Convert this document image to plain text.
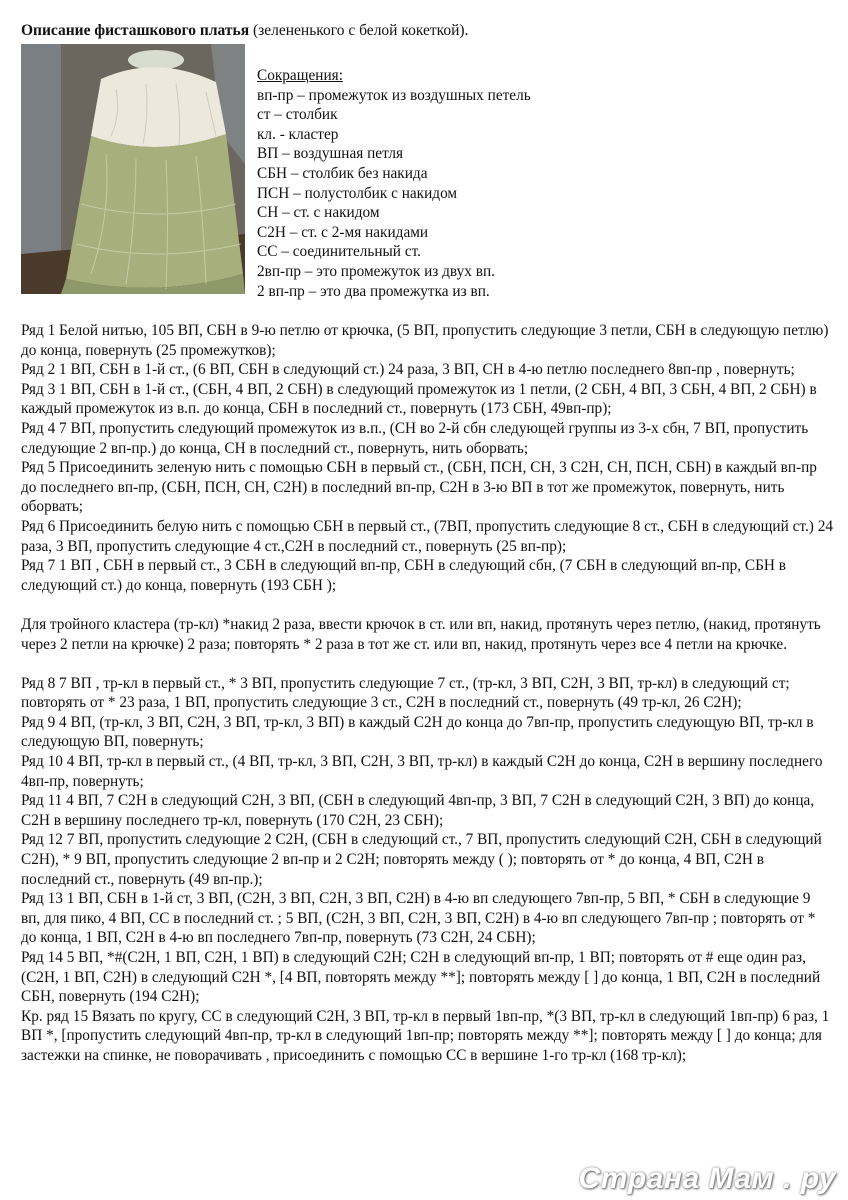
Описание фисташкового платья (зелененького с белой кокеткой).
Сокращения:
вп-пр – промежуток из воздушных петель
ст – столбик
кл. - кластер
ВП – воздушная петля
СБН – столбик без накида
ПСН – полустолбик с накидом
СН – ст. с накидом
С2Н – ст. с 2-мя накидами
СС – соединительный ст.
2вп-пр – это промежуток из двух вп.
2 вп-пр – это два промежутка из вп.

Ряд 1 Белой нитью, 105 ВП, СБН в 9-ю петлю от крючка, (5 ВП, пропустить следующие 3 петли, СБН в следующую петлю) до конца, повернуть (25 промежутков);

Ряд 2 1 ВП, СБН в 1-й ст., (6 ВП, СБН в следующий ст.) 24 раза, 3 ВП, СН в 4-ю петлю последнего 8вп-пр , повернуть;

Ряд 3 1 ВП, СБН в 1-й ст., (СБН, 4 ВП, 2 СБН) в следующий промежуток из 1 петли, (2 СБН, 4 ВП, 3 СБН, 4 ВП, 2 СБН) в каждый промежуток из в.п. до конца, СБН в последний ст., повернуть (173 СБН, 49вп-пр);

Ряд 4 7 ВП, пропустить следующий промежуток из в.п., (СН во 2-й сбн следующей группы из 3-х сбн, 7 ВП, пропустить следующие 2 вп-пр.) до конца, СН в последний ст., повернуть, нить оборвать;

Ряд 5 Присоединить зеленую нить с помощью СБН в первый ст., (СБН, ПСН, СН, 3 С2Н, СН, ПСН, СБН) в каждый вп-пр до последнего вп-пр, (СБН, ПСН, СН, С2Н) в последний вп-пр, С2Н в 3-ю ВП в тот же промежуток, повернуть, нить оборвать;

Ряд 6 Присоединить белую нить с помощью СБН в первый ст., (7ВП, пропустить следующие 8 ст., СБН в следующий ст.) 24 раза, 3 ВП, пропустить следующие 4 ст.,С2Н в последний ст., повернуть (25 вп-пр);

Ряд 7 1 ВП , СБН в первый ст., 3 СБН в следующий вп-пр, СБН в следующий сбн, (7 СБН в следующий вп-пр, СБН в следующий ст.) до конца, повернуть (193 СБН );

Для тройного кластера (тр-кл) *накид 2 раза, ввести крючок в ст. или вп, накид, протянуть через петлю, (накид, протянуть через 2 петли на крючке) 2 раза; повторять * 2 раза в тот же ст. или вп, накид, протянуть через все 4 петли на крючке.

Ряд 8 7 ВП , тр-кл в первый ст., * 3 ВП, пропустить следующие 7 ст., (тр-кл, 3 ВП, С2Н, 3 ВП, тр-кл) в следующий ст; повторять от * 23 раза, 1 ВП, пропустить следующие 3 ст., С2Н в последний ст., повернуть (49 тр-кл, 26 С2Н);

Ряд 9 4 ВП, (тр-кл, 3 ВП, С2Н, 3 ВП, тр-кл, 3 ВП) в каждый С2Н до конца до 7вп-пр, пропустить следующую ВП, тр-кл в следующую ВП, повернуть;

Ряд 10 4 ВП, тр-кл в первый ст., (4 ВП, тр-кл, 3 ВП, С2Н, 3 ВП, тр-кл) в каждый С2Н до конца, С2Н в вершину последнего 4вп-пр, повернуть;

Ряд 11 4 ВП, 7 С2Н в следующий С2Н, 3 ВП, (СБН в следующий 4вп-пр, 3 ВП, 7 С2Н в следующий С2Н, 3 ВП) до конца, С2Н в вершину последнего тр-кл, повернуть (170 С2Н, 23 СБН);

Ряд 12 7 ВП, пропустить следующие 2 С2Н, (СБН в следующий ст., 7 ВП, пропустить следующий С2Н, СБН в следующий С2Н), * 9 ВП, пропустить следующие 2 вп-пр и 2 С2Н; повторять между ( ); повторять от * до конца, 4 ВП, С2Н в последний ст., повернуть (49 вп-пр.);

Ряд 13 1 ВП, СБН в 1-й ст, 3 ВП, (С2Н, 3 ВП, С2Н, 3 ВП, С2Н) в 4-ю вп следующего 7вп-пр, 5 ВП, * СБН в следующие 9 вп, для пико, 4 ВП, СС в последний ст. ; 5 ВП, (С2Н, 3 ВП, С2Н, 3 ВП, С2Н) в 4-ю вп следующего 7вп-пр ; повторять от * до конца, 1 ВП, С2Н в 4-ю вп последнего 7вп-пр, повернуть (73 С2Н, 24 СБН);

Ряд 14 5 ВП, *#(С2Н, 1 ВП, С2Н, 1 ВП) в следующий С2Н; С2Н в следующий вп-пр, 1 ВП; повторять от # еще один раз, (С2Н, 1 ВП, С2Н) в следующий С2Н *, [4 ВП, повторять между **]; повторять между [ ] до конца, 1 ВП, С2Н в последний СБН, повернуть (194 С2Н);

Кр. ряд 15 Вязать по кругу, СС в следующий С2Н, 3 ВП, тр-кл в первый 1вп-пр, *(3 ВП, тр-кл в следующий 1вп-пр) 6 раз, 1 ВП *, [пропустить следующий 4вп-пр, тр-кл в следующий 1вп-пр; повторять между **]; повторять между [ ] до конца; для застежки на спинке, не поворачивать , присоединить с помощью СС в вершине 1-го тр-кл (168 тр-кл);

Страна Мам . ру
